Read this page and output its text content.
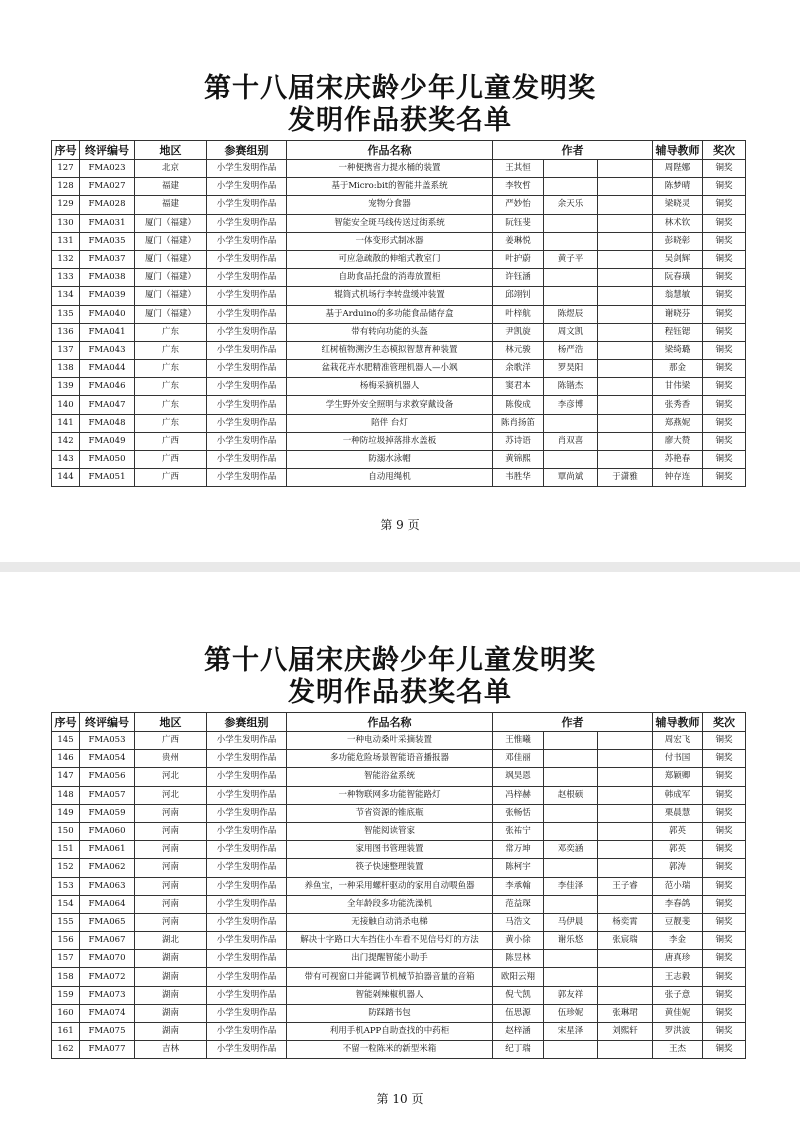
第十八届宋庆龄少年儿童发明奖
发明作品获奖名单
序号	终评编号	地区	参赛组别	作品名称	作者			辅导教师	奖次
127	FMA023	北京	小学生发明作品	一种便携省力提水桶的装置	王其恒			周陛娜	铜奖
128	FMA027	福建	小学生发明作品	基于Micro:bit的智能井盖系统	李牧哲			陈梦晴	铜奖
129	FMA028	福建	小学生发明作品	宠物分食器	严妙怡	余天乐		梁晓灵	铜奖
130	FMA031	厦门（福建）	小学生发明作品	智能安全斑马线传送过街系统	阮钰斐			林术钦	铜奖
131	FMA035	厦门（福建）	小学生发明作品	一体变形式制冰器	姜琳悦			彭晓彰	铜奖
132	FMA037	厦门（福建）	小学生发明作品	可应急疏散的伸缩式教室门	叶护蔚	黄子平		吴剑辉	铜奖
133	FMA038	厦门（福建）	小学生发明作品	自助食品托盘的消毒放置柜	许钰涵			阮春璜	铜奖
134	FMA039	厦门（福建）	小学生发明作品	辊筒式机场行李转盘缓冲装置	邱翊钊			翁慧敏	铜奖
135	FMA040	厦门（福建）	小学生发明作品	基于Arduino的多功能食品储存盒	叶梓航	陈煜辰		谢晓芬	铜奖
136	FMA041	广东	小学生发明作品	带有转向功能的头盔	尹凯旋	周文凯		程钰锶	铜奖
137	FMA043	广东	小学生发明作品	红树植物溯汐生态模拟智慧育种装置	林元骏	杨严浩		梁绮璐	铜奖
138	FMA044	广东	小学生发明作品	盆栽花卉水肥精准管理机器人—小飒	余歌洋	罗昊阳		那金	铜奖
139	FMA046	广东	小学生发明作品	杨梅采摘机器人	窦君本	陈锴杰		甘伟梁	铜奖
140	FMA047	广东	小学生发明作品	学生野外安全照明与求救穿戴设备	陈俊成	李彦博		张秀香	铜奖
141	FMA048	广东	小学生发明作品	陪伴 台灯	陈肖扬笛			郑燕妮	铜奖
142	FMA049	广西	小学生发明作品	一种防垃圾掉落排水盖板	苏诗语	肖双喜		廖大赞	铜奖
143	FMA050	广西	小学生发明作品	防溺水泳帽	黄锦熙			苏艳春	铜奖
144	FMA051	广西	小学生发明作品	自动甩绳机	韦胜华	覃尚斌	于潇雅	钟存连	铜奖
第 9 页
第十八届宋庆龄少年儿童发明奖
发明作品获奖名单
序号	终评编号	地区	参赛组别	作品名称	作者			辅导教师	奖次
145	FMA053	广西	小学生发明作品	一种电动桑叶采摘装置	王惟曦			周宏飞	铜奖
146	FMA054	贵州	小学生发明作品	多功能危险场景智能语音播报器	邓佳丽			付书国	铜奖
147	FMA056	河北	小学生发明作品	智能浴盆系统	飒昊恩			郑颖卿	铜奖
148	FMA057	河北	小学生发明作品	一种物联网多功能智能路灯	冯梓赫	赵根硕		韩成军	铜奖
149	FMA059	河南	小学生发明作品	节省资源的锥底瓶	张畅恬			栗晨慧	铜奖
150	FMA060	河南	小学生发明作品	智能阅读管家	张祐宁			郭英	铜奖
151	FMA061	河南	小学生发明作品	家用图书管理装置	常万坤	邓奕涵		郭英	铜奖
152	FMA062	河南	小学生发明作品	筷子快速整理装置	陈柯宇			郭涛	铜奖
153	FMA063	河南	小学生发明作品	养鱼宝，一种采用螺杆驱动的家用自动喂鱼器	李承翰	李佳泽	王子睿	范小瑞	铜奖
154	FMA064	河南	小学生发明作品	全年龄段多功能洗澡机	范益琛			李春鸽	铜奖
155	FMA065	河南	小学生发明作品	无接触自动消杀电梯	马浩文	马伊晨	杨奕霄	豆靓斐	铜奖
156	FMA067	湖北	小学生发明作品	解决十字路口大车挡住小车看不见信号灯的方法	黄小徐	谢乐悠	张宸瑞	李金	铜奖
157	FMA070	湖南	小学生发明作品	出门提醒智能小助手	陈昱林			唐真珍	铜奖
158	FMA072	湖南	小学生发明作品	带有可视窗口并能调节机械节拍器音量的音箱	欧阳云翔			王志毅	铜奖
159	FMA073	湖南	小学生发明作品	智能剁辣椒机器人	倪弋凯	郭友祥		张子意	铜奖
160	FMA074	湖南	小学生发明作品	防踩踏书包	伍思源	伍珍妮	张琳珺	黄佳妮	铜奖
161	FMA075	湖南	小学生发明作品	利用手机APP自助查找的中药柜	赵梓涵	宋星泽	刘熙轩	罗洪波	铜奖
162	FMA077	吉林	小学生发明作品	不留一粒陈米的新型米箱	纪丁瑞			王杰	铜奖
第 10 页
